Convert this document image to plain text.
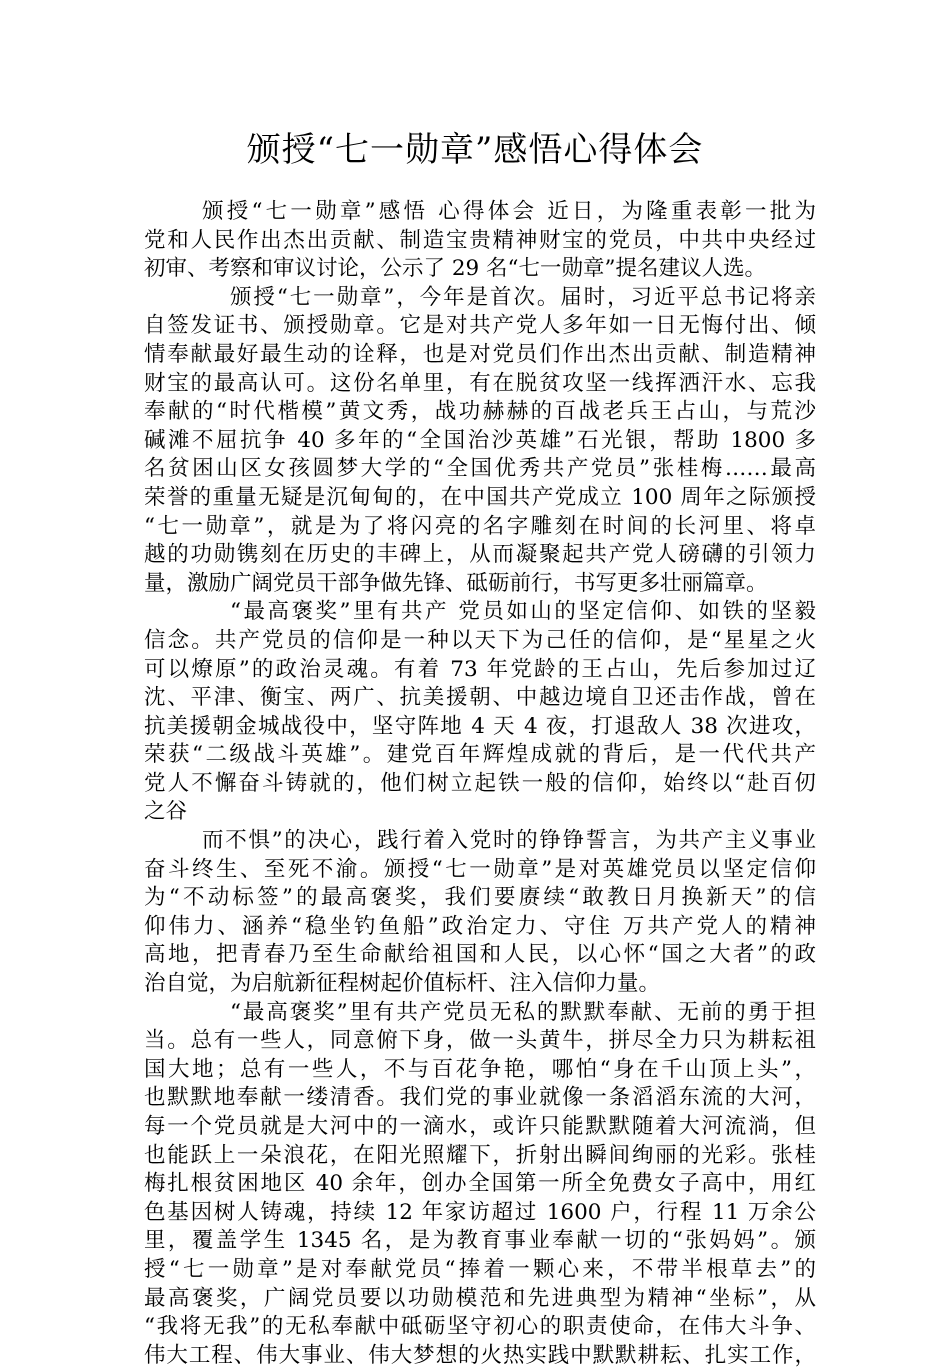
颁授“七一勋章”感悟心得体会
颁授“七一勋章”感悟 心得体会 近日，为隆重表彰一批为
党和人民作出杰出贡献、制造宝贵精神财宝的党员，中共中央经过
初审、考察和审议讨论，公示了 29 名“七一勋章”提名建议人选。
颁授“七一勋章”，今年是首次。届时，习近平总书记将亲
自签发证书、颁授勋章。它是对共产党人多年如一日无悔付出、倾
情奉献最好最生动的诠释，也是对党员们作出杰出贡献、制造精神
财宝的最高认可。这份名单里，有在脱贫攻坚一线挥洒汗水、忘我
奉献的“时代楷模”黄文秀，战功赫赫的百战老兵王占山，与荒沙
碱滩不屈抗争 40 多年的“全国治沙英雄”石光银，帮助 1800 多
名贫困山区女孩圆梦大学的“全国优秀共产党员”张桂梅……最高
荣誉的重量无疑是沉甸甸的，在中国共产党成立 100 周年之际颁授
“七一勋章”，就是为了将闪亮的名字雕刻在时间的长河里、将卓
越的功勋镌刻在历史的丰碑上，从而凝聚起共产党人磅礴的引领力
量，激励广阔党员干部争做先锋、砥砺前行，书写更多壮丽篇章。
“最高褒奖”里有共产 党员如山的坚定信仰、如铁的坚毅
信念。共产党员的信仰是一种以天下为己任的信仰，是“星星之火
可以燎原”的政治灵魂。有着 73 年党龄的王占山，先后参加过辽
沈、平津、衡宝、两广、抗美援朝、中越边境自卫还击作战，曾在
抗美援朝金城战役中，坚守阵地 4 天 4 夜，打退敌人 38 次进攻，
荣获“二级战斗英雄”。建党百年辉煌成就的背后，是一代代共产
党人不懈奋斗铸就的，他们树立起铁一般的信仰，始终以“赴百仞
之谷
而不惧”的决心，践行着入党时的铮铮誓言，为共产主义事业
奋斗终生、至死不渝。颁授“七一勋章”是对英雄党员以坚定信仰
为“不动标签”的最高褒奖，我们要赓续“敢教日月换新天”的信
仰伟力、涵养“稳坐钓鱼船”政治定力、守住 万共产党人的精神
高地，把青春乃至生命献给祖国和人民，以心怀“国之大者”的政
治自觉，为启航新征程树起价值标杆、注入信仰力量。
“最高褒奖”里有共产党员无私的默默奉献、无前的勇于担
当。总有一些人，同意俯下身，做一头黄牛，拼尽全力只为耕耘祖
国大地；总有一些人，不与百花争艳，哪怕“身在千山顶上头”，
也默默地奉献一缕清香。我们党的事业就像一条滔滔东流的大河，
每一个党员就是大河中的一滴水，或许只能默默随着大河流淌，但
也能跃上一朵浪花，在阳光照耀下，折射出瞬间绚丽的光彩。张桂
梅扎根贫困地区 40 余年，创办全国第一所全免费女子高中，用红
色基因树人铸魂，持续 12 年家访超过 1600 户，行程 11 万余公
里，覆盖学生 1345 名，是为教育事业奉献一切的“张妈妈”。颁
授“七一勋章”是对奉献党员“捧着一颗心来，不带半根草去”的
最高褒奖，广阔党员要以功勋模范和先进典型为精神“坐标”，从
“我将无我”的无私奉献中砥砺坚守初心的职责使命，在伟大斗争、
伟大工程、伟大事业、伟大梦想的火热实践中默默耕耘、扎实工作，
